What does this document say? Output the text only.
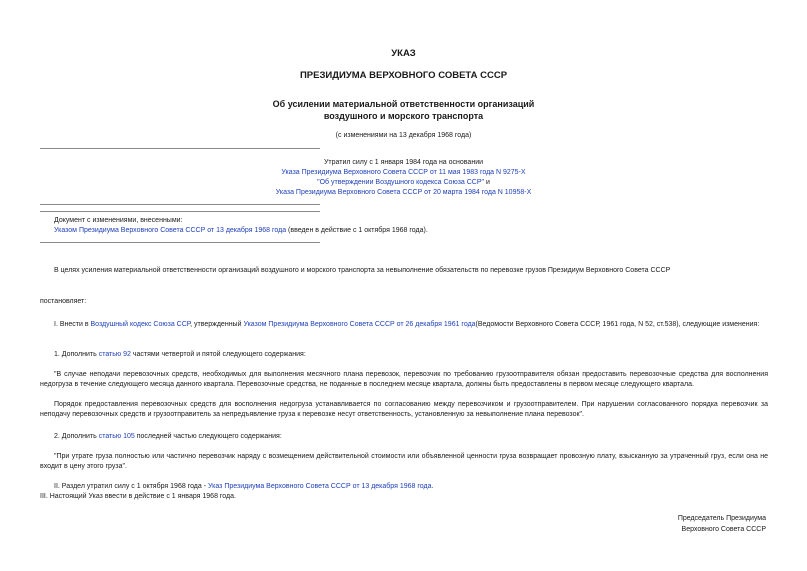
УКАЗ
ПРЕЗИДИУМА ВЕРХОВНОГО СОВЕТА СССР
Об усилении материальной ответственности организаций
воздушного и морского транспорта
(с изменениями на 13 декабря 1968 года)
Утратил силу с 1 января 1984 года на основании
Указа Президиума Верховного Совета СССР от 11 мая 1983 года N 9275-X
"Об утверждении Воздушного кодекса Союза ССР" и
Указа Президиума Верховного Совета СССР от 20 марта 1984 года N 10958-X
Документ с изменениями, внесенными:
Указом Президиума Верховного Совета СССР от 13 декабря 1968 года (введен в действие с 1 октября 1968 года).
В целях усиления материальной ответственности организаций воздушного и морского транспорта за невыполнение обязательств по перевозке грузов Президиум Верховного Совета СССР
постановляет:
I. Внести в Воздушный кодекс Союза ССР, утвержденный Указом Президиума Верховного Совета СССР от 26 декабря 1961 года(Ведомости Верховного Совета СССР, 1961 года, N 52, ст.538), следующие изменения:
1. Дополнить статью 92 частями четвертой и пятой следующего содержания:
"В случае неподачи перевозочных средств, необходимых для выполнения месячного плана перевозок, перевозчик по требованию грузоотправителя обязан предоставить перевозочные средства для восполнения недогруза в течение следующего месяца данного квартала. Перевозочные средства, не поданные в последнем месяце квартала, должны быть предоставлены в первом месяце следующего квартала.
Порядок предоставления перевозочных средств для восполнения недогруза устанавливается по согласованию между перевозчиком и грузоотправителем. При нарушении согласованного порядка перевозчик за неподачу перевозочных средств и грузоотправитель за непредъявление груза к перевозке несут ответственность, установленную за невыполнение плана перевозок".
2. Дополнить статью 105 последней частью следующего содержания:
"При утрате груза полностью или частично перевозчик наряду с возмещением действительной стоимости или объявленной ценности груза возвращает провозную плату, взысканную за утраченный груз, если она не входит в цену этого груза".
II. Раздел утратил силу с 1 октября 1968 года - Указ Президиума Верховного Совета СССР от 13 декабря 1968 года.
III. Настоящий Указ ввести в действие с 1 января 1968 года.
Председатель Президиума
Верховного Совета СССР
